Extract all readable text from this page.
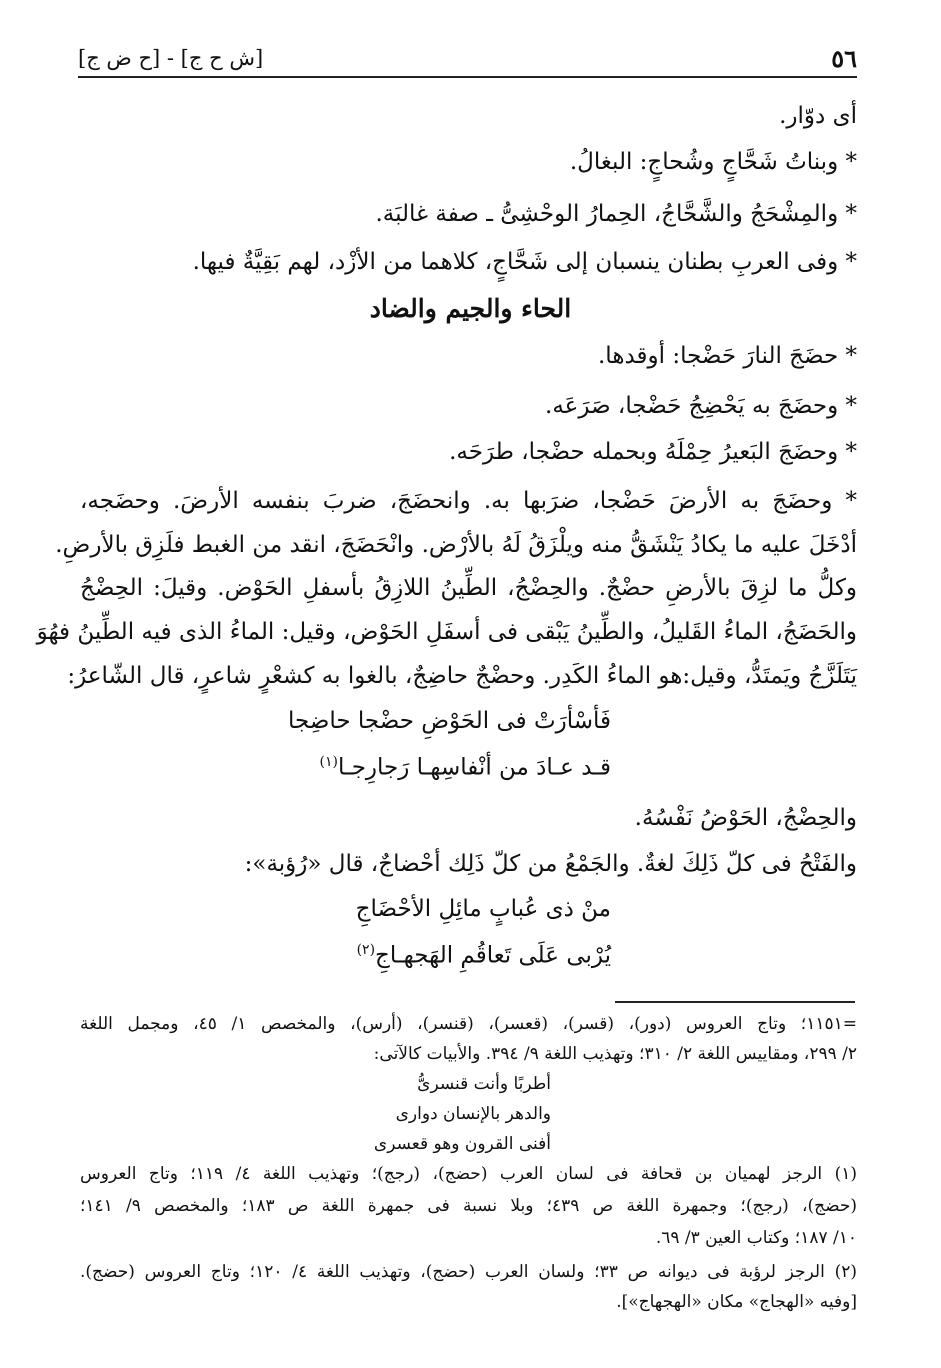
٥٦
[ش ح ج] - [ح ض ج]
أى دوّار.
* وبناتُ شَحَّاجٍ وشُحاجٍ: البغالُ.
* والمِشْحَجُ والشَّحَّاجُ، الحِمارُ الوحْشِىُّ ـ صفة غالبَة.
* وفى العربِ بطنان ينسبان إلى شَحَّاجٍ، كلاهما من الأزْد، لهم بَقِيَّةٌ فيها.
الحاء والجيم والضاد
* حضَجَ النارَ حَضْجا: أوقدها.
* وحضَجَ به يَحْضِجُ حَضْجا، صَرَعَه.
* وحضَجَ البَعيرُ حِمْلَهُ وبحمله حضْجا، طرَحَه.
* وحضَجَ به الأرضَ حَضْجا، ضرَبها به. وانحضَجَ، ضربَ بنفسه الأرضَ. وحضَجه،
أدْخَلَ عليه ما يكادُ يَنْشَقُّ منه ويلْزَقُ لَهُ بالأرْض. وانْحَضَجَ، انقد من الغبط فلَزِق بالأرضِ.
وكلُّ ما لزِقَ بالأرضِ حضْجٌ. والحِضْجُ، الطِّينُ اللازِقُ بأسفلِ الحَوْض. وقيلَ: الحِضْجُ
والحَضَجُ، الماءُ القَليلُ، والطِّينُ يَبْقى فى أسفَلِ الحَوْض، وقيل: الماءُ الذى فيه الطِّينُ فهُوَ
يَتَلَزَّجُ ويَمتَدُّ، وقيل:هو الماءُ الكَدِر. وحضْجٌ حاضِجٌ، بالغوا به كشعْرٍ شاعرٍ، قال الشّاعرُ:
فَأسْأرَتْ فى الحَوْضِ حضْجا حاضِجا
قـد عـادَ من أنْفاسِهـا رَجارِجـا$^{(١)}$
والحِضْجُ، الحَوْضُ نَفْسُهُ.
والفَتْحُ فى كلّ ذَلِكَ لغةٌ. والجَمْعُ من كلّ ذَلِك أحْضاجٌ، قال «رُؤبة»:
منْ ذى عُبابٍ مائِلِ الأحْضَاجِ
يُرْبى عَلَى تَعاقُمِ الهَجهـاجِ$^{(٢)}$
=١١٥١؛ وتاج العروس (دور)، (قسر)، (قعسر)، (قنسر)، (أرس)، والمخصص ١/ ٤٥، ومجمل اللغة
٢/ ٢٩٩، ومقاييس اللغة ٢/ ٣١٠؛ وتهذيب اللغة ٩/ ٣٩٤. والأبيات كالآتى:
أطربًا وأنت قنسرىُّ
والدهر بالإنسان دوارى
أفنى القرون وهو قعسرى
(١) الرجز لهميان بن قحافة فى لسان العرب (حضج)، (رجج)؛ وتهذيب اللغة ٤/ ١١٩؛ وتاج العروس
(حضج)، (رجج)؛ وجمهرة اللغة ص ٤٣٩؛ وبلا نسبة فى جمهرة اللغة ص ١٨٣؛ والمخصص ٩/ ١٤١؛
١٠/ ١٨٧؛ وكتاب العين ٣/ ٦٩.
(٢) الرجز لرؤبة فى ديوانه ص ٣٣؛ ولسان العرب (حضج)، وتهذيب اللغة ٤/ ١٢٠؛ وتاج العروس (حضج).
[وفيه «الهجاج» مكان «الهجهاج»].
